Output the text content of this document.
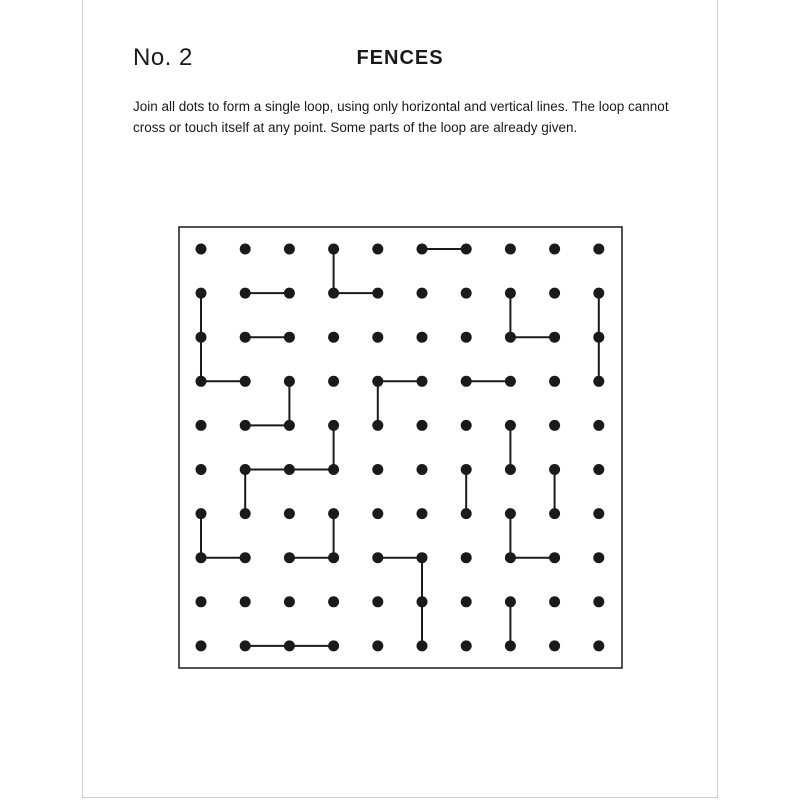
No. 2	FENCES

Join all dots to form a single loop, using only horizontal and vertical lines. The loop cannot cross or touch itself at any point. Some parts of the loop are already given.
